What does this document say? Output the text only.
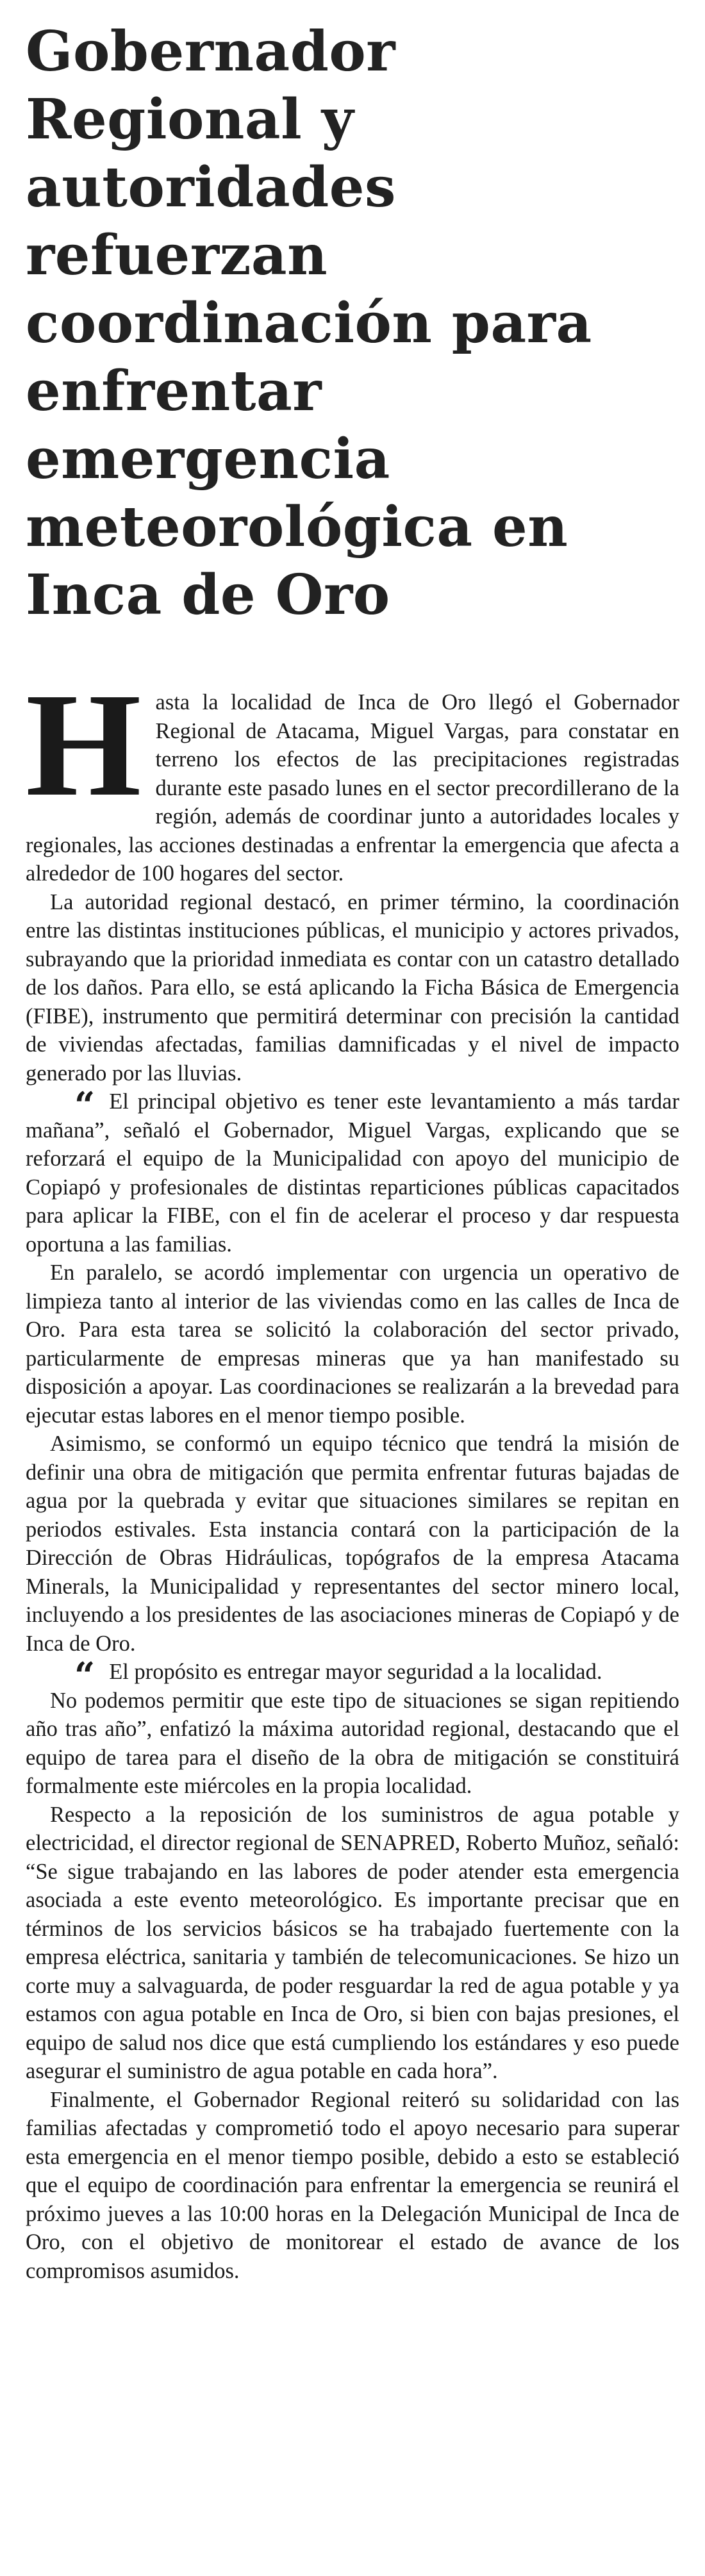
Gobernador Regional y autoridades refuerzan coordinación para enfrentar emergencia meteorológica en Inca de Oro

Hasta la localidad de Inca de Oro llegó el Gobernador Regional de Atacama, Miguel Vargas, para constatar en terreno los efectos de las precipitaciones registradas durante este pasado lunes en el sector precordillerano de la región, además de coordinar junto a autoridades locales y regionales, las acciones destinadas a enfrentar la emergencia que afecta a alrededor de 100 hogares del sector.

La autoridad regional destacó, en primer término, la coordinación entre las distintas instituciones públicas, el municipio y actores privados, subrayando que la prioridad inmediata es contar con un catastro detallado de los daños. Para ello, se está aplicando la Ficha Básica de Emergencia (FIBE), instrumento que permitirá determinar con precisión la cantidad de viviendas afectadas, familias damnificadas y el nivel de impacto generado por las lluvias.

“ El principal objetivo es tener este levantamiento a más tardar mañana”, señaló el Gobernador, Miguel Vargas, explicando que se reforzará el equipo de la Municipalidad con apoyo del municipio de Copiapó y profesionales de distintas reparticiones públicas capacitados para aplicar la FIBE, con el fin de acelerar el proceso y dar respuesta oportuna a las familias.

En paralelo, se acordó implementar con urgencia un operativo de limpieza tanto al interior de las viviendas como en las calles de Inca de Oro. Para esta tarea se solicitó la colaboración del sector privado, particularmente de empresas mineras que ya han manifestado su disposición a apoyar. Las coordinaciones se realizarán a la brevedad para ejecutar estas labores en el menor tiempo posible.

Asimismo, se conformó un equipo técnico que tendrá la misión de definir una obra de mitigación que permita enfrentar futuras bajadas de agua por la quebrada y evitar que situaciones similares se repitan en periodos estivales. Esta instancia contará con la participación de la Dirección de Obras Hidráulicas, topógrafos de la empresa Atacama Minerals, la Municipalidad y representantes del sector minero local, incluyendo a los presidentes de las asociaciones mineras de Copiapó y de Inca de Oro.

“ El propósito es entregar mayor seguridad a la localidad.

No podemos permitir que este tipo de situaciones se sigan repitiendo año tras año”, enfatizó la máxima autoridad regional, destacando que el equipo de tarea para el diseño de la obra de mitigación se constituirá formalmente este miércoles en la propia localidad.

Respecto a la reposición de los suministros de agua potable y electricidad, el director regional de SENAPRED, Roberto Muñoz, señaló: “Se sigue trabajando en las labores de poder atender esta emergencia asociada a este evento meteorológico. Es importante precisar que en términos de los servicios básicos se ha trabajado fuertemente con la empresa eléctrica, sanitaria y también de telecomunicaciones. Se hizo un corte muy a salvaguarda, de poder resguardar la red de agua potable y ya estamos con agua potable en Inca de Oro, si bien con bajas presiones, el equipo de salud nos dice que está cumpliendo los estándares y eso puede asegurar el suministro de agua potable en cada hora”.

Finalmente, el Gobernador Regional reiteró su solidaridad con las familias afectadas y comprometió todo el apoyo necesario para superar esta emergencia en el menor tiempo posible, debido a esto se estableció que el equipo de coordinación para enfrentar la emergencia se reunirá el próximo jueves a las 10:00 horas en la Delegación Municipal de Inca de Oro, con el objetivo de monitorear el estado de avance de los compromisos asumidos.
